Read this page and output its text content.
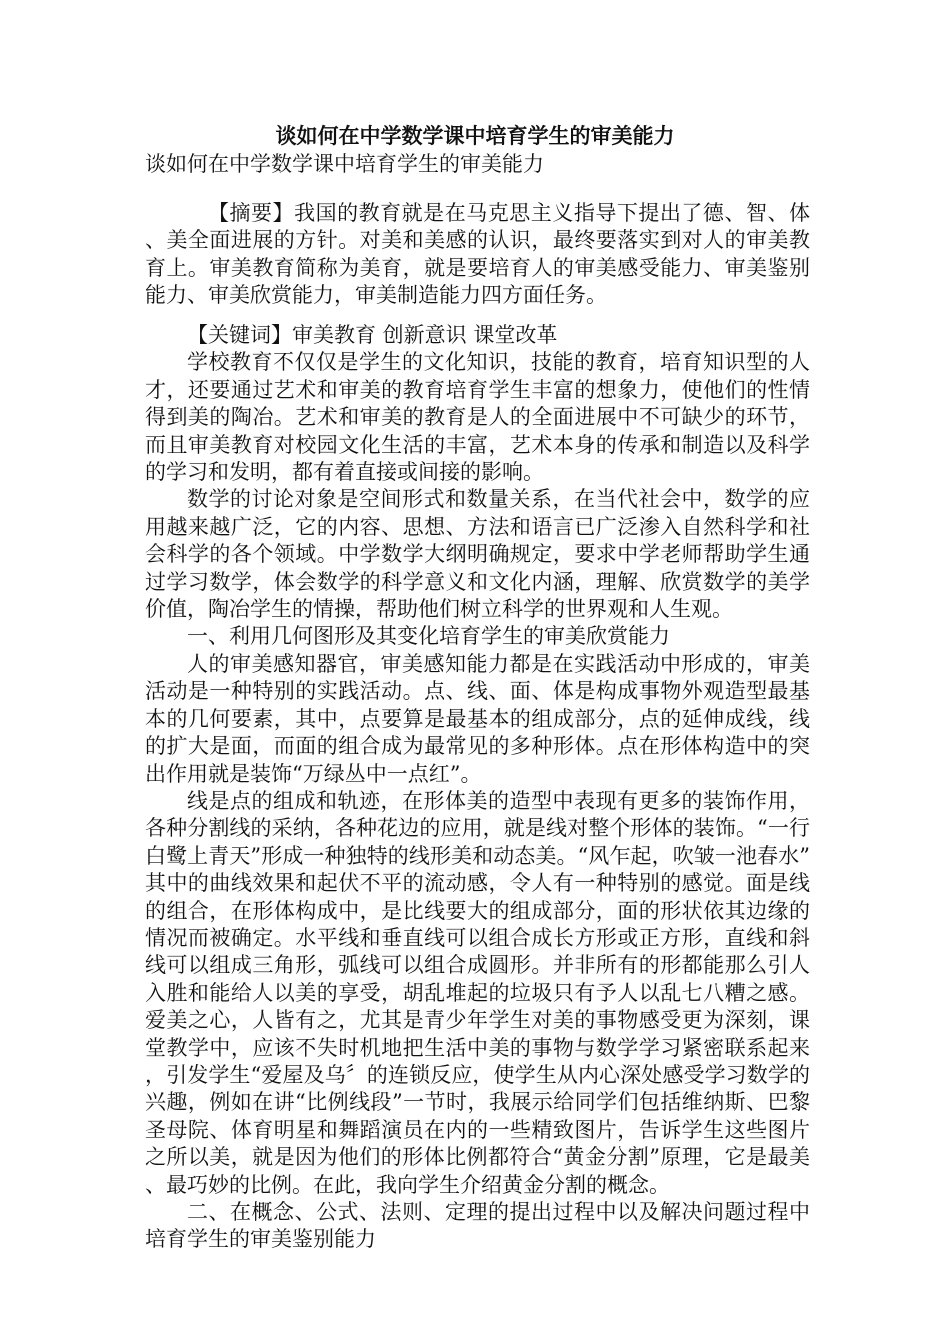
谈如何在中学数学课中培育学生的审美能力
谈如何在中学数学课中培育学生的审美能力

【摘要】我国的教育就是在马克思主义指导下提出了德、智、体、美全面进展的方针。对美和美感的认识，最终要落实到对人的审美教育上。审美教育简称为美育，就是要培育人的审美感受能力、审美鉴别能力、审美欣赏能力，审美制造能力四方面任务。

【关键词】审美教育 创新意识 课堂改革

学校教育不仅仅是学生的文化知识，技能的教育，培育知识型的人才，还要通过艺术和审美的教育培育学生丰富的想象力，使他们的性情得到美的陶冶。艺术和审美的教育是人的全面进展中不可缺少的环节，而且审美教育对校园文化生活的丰富，艺术本身的传承和制造以及科学的学习和发明，都有着直接或间接的影响。

数学的讨论对象是空间形式和数量关系，在当代社会中，数学的应用越来越广泛，它的内容、思想、方法和语言已广泛渗入自然科学和社会科学的各个领域。中学数学大纲明确规定，要求中学老师帮助学生通过学习数学，体会数学的科学意义和文化内涵，理解、欣赏数学的美学价值，陶冶学生的情操，帮助他们树立科学的世界观和人生观。

一、利用几何图形及其变化培育学生的审美欣赏能力

人的审美感知器官，审美感知能力都是在实践活动中形成的，审美活动是一种特别的实践活动。点、线、面、体是构成事物外观造型最基本的几何要素，其中，点要算是最基本的组成部分，点的延伸成线，线的扩大是面，而面的组合成为最常见的多种形体。点在形体构造中的突出作用就是装饰“万绿丛中一点红”。

线是点的组成和轨迹，在形体美的造型中表现有更多的装饰作用，各种分割线的采纳，各种花边的应用，就是线对整个形体的装饰。“一行白鹭上青天”形成一种独特的线形美和动态美。“风乍起，吹皱一池春水”其中的曲线效果和起伏不平的流动感，令人有一种特别的感觉。面是线的组合，在形体构成中，是比线要大的组成部分，面的形状依其边缘的情况而被确定。水平线和垂直线可以组合成长方形或正方形，直线和斜线可以组成三角形，弧线可以组合成圆形。并非所有的形都能那么引人入胜和能给人以美的享受，胡乱堆起的垃圾只有予人以乱七八糟之感。爱美之心，人皆有之，尤其是青少年学生对美的事物感受更为深刻，课堂教学中，应该不失时机地把生活中美的事物与数学学习紧密联系起来，引发学生“爱屋及乌〞的连锁反应，使学生从内心深处感受学习数学的兴趣，例如在讲“比例线段”一节时，我展示给同学们包括维纳斯、巴黎圣母院、体育明星和舞蹈演员在内的一些精致图片，告诉学生这些图片之所以美，就是因为他们的形体比例都符合“黄金分割”原理，它是最美、最巧妙的比例。在此，我向学生介绍黄金分割的概念。

二、在概念、公式、法则、定理的提出过程中以及解决问题过程中培育学生的审美鉴别能力
